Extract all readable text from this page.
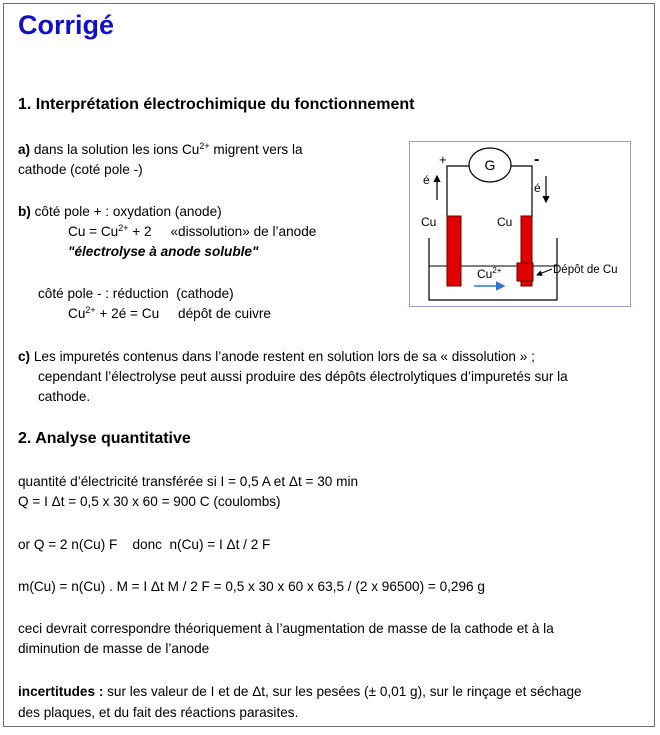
Corrigé
1. Interprétation électrochimique du fonctionnement
a) dans la solution les ions $Cu^{2+}$ migrent vers la
cathode (coté pole -)
b) côté pole + : oxydation (anode)
$Cu = Cu^{2+} + 2$     «dissolution» de l’anode
"électrolyse à anode soluble"
côté pole - : réduction  (cathode)
$Cu^{2+}$ + 2é = Cu     dépôt de cuivre
c) Les impuretés contenus dans l’anode restent en solution lors de sa « dissolution » ;
cependant l’électrolyse peut aussi produire des dépôts électrolytiques d’impuretés sur la
cathode.
G
+	-
é
é
Cu	Cu
$Cu^{2+}$	Dépôt de Cu
2. Analyse quantitative
quantité d’électricité transférée si I = 0,5 A et Δt = 30 min
Q = I Δt = 0,5 x 30 x 60 = 900 C (coulombs)
or Q = 2 n(Cu) F    donc  n(Cu) = I Δt / 2 F
m(Cu) = n(Cu) . M = I Δt M / 2 F = 0,5 x 30 x 60 x 63,5 / (2 x 96500) = 0,296 g
ceci devrait correspondre théoriquement à l’augmentation de masse de la cathode et à la
diminution de masse de l’anode
incertitudes : sur les valeur de I et de Δt, sur les pesées (± 0,01 g), sur le rinçage et séchage
des plaques, et du fait des réactions parasites.
